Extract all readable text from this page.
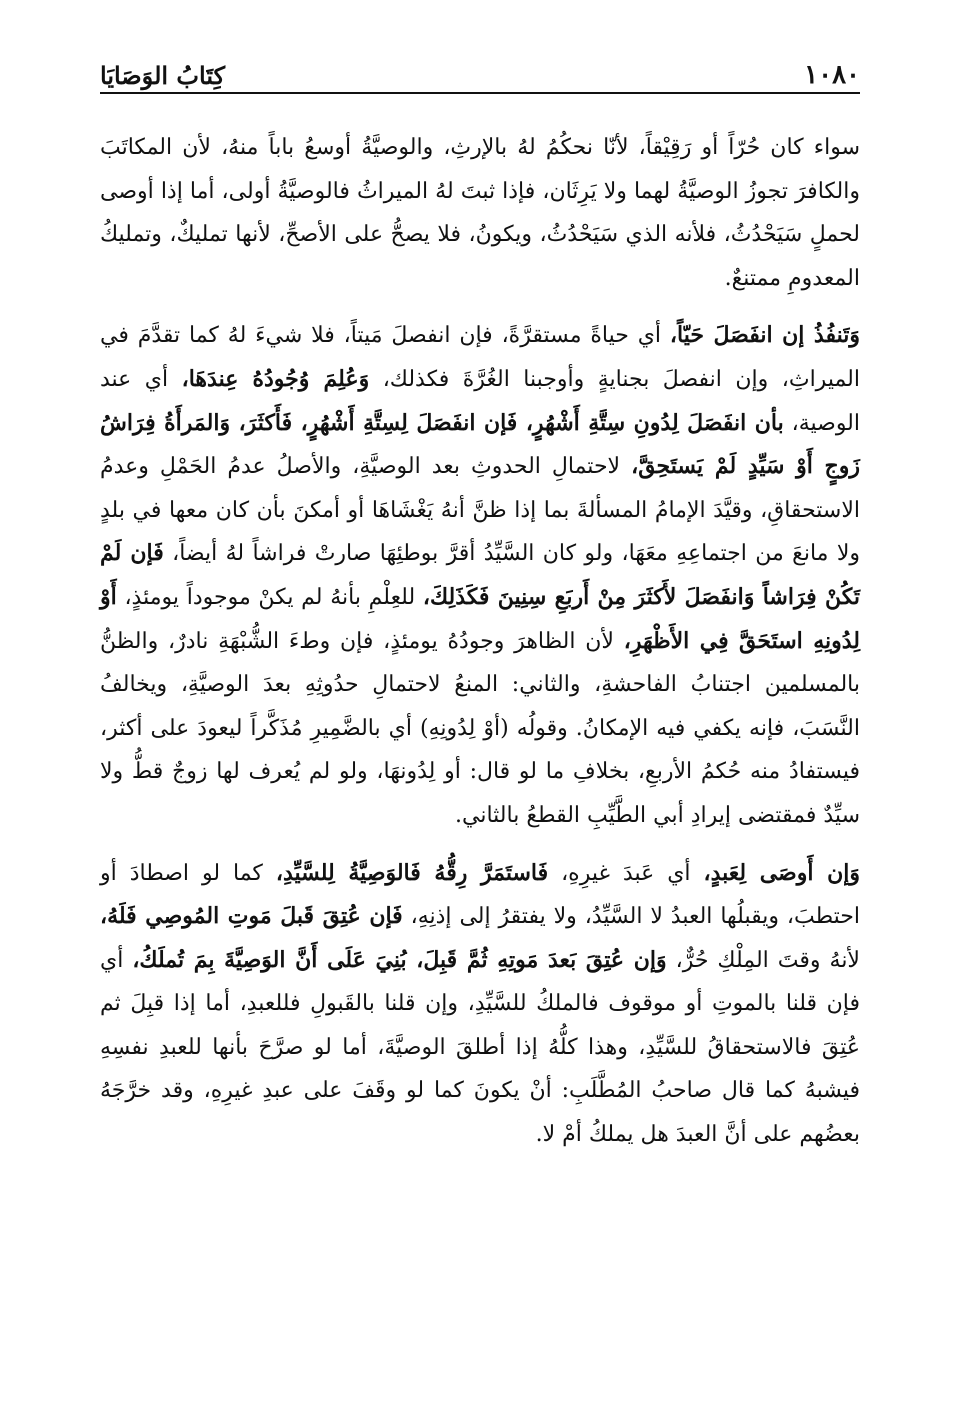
١٠٨٠
كِتَابُ الوَصَايَا

سواء كان حُرّاً أو رَقِيْقاً، لأنّا نحكُمُ لهُ بالإرثِ، والوصيَّةُ أوسعُ باباً منهُ، لأن المكاتَبَ والكافرَ تجوزُ الوصيَّةُ لهما ولا يَرِثَان، فإذا ثبتَ لهُ الميراثُ فالوصيَّةُ أولى، أما إذا أوصى لحملٍ سَيَحْدُثُ، فلأنه الذي سَيَحْدُثُ، ويكونُ، فلا يصحُّ على الأصحِّ، لأنها تمليكٌ، وتمليكُ المعدومِ ممتنعٌ.

وَتَنفُذُ إن انفَصَلَ حَيّاً، أي حياةً مستقرَّةً، فإن انفصلَ مَيتاً، فلا شيءَ لهُ كما تقدَّمَ في الميراثِ، وإن انفصلَ بجنايةٍ وأوجبنا الغُرَّةَ فكذلك، وَعُلِمَ وُجُودُهُ عِندَهَا، أي عند الوصية، بأن انفَصَلَ لِدُونِ سِتَّةِ أَشْهُرٍ، فَإن انفَصَلَ لِسِتَّةِ أَشْهُرٍ، فَأَكثَرَ، وَالمَرأَةُ فِرَاشُ زَوجٍ أَوْ سَيِّدٍ لَمْ يَستَحِقَّ، لاحتمالِ الحدوثِ بعد الوصيَّةِ، والأصلُ عدمُ الحَمْلِ وعدمُ الاستحقاقِ، وقيَّدَ الإمامُ المسألةَ بما إذا ظنَّ أنهُ يَغْشَاهَا أو أمكنَ بأن كان معها في بلدٍ ولا مانعَ من اجتماعِهِ معَهَا، ولو كان السَّيِّدُ أقرَّ بوطئِهَا صارتْ فراشاً لهُ أيضاً، فَإن لَمْ تَكُنْ فِرَاشاً وَانفَصَلَ لأَكثَرَ مِنْ أَربَعِ سِنِينَ فَكَذَلِكَ، للعِلْمِ بأنهُ لم يكنْ موجوداً يومئذٍ، أَوْ لِدُونِهِ استَحَقَّ فِي الأَظْهَرِ، لأن الظاهرَ وجودُهُ يومئذٍ، فإن وطءَ الشُّبْهَةِ نادرٌ، والظنُّ بالمسلمين اجتنابُ الفاحشةِ، والثاني: المنعُ لاحتمالِ حدُوثِهِ بعدَ الوصيَّةِ، ويخالفُ النَّسَبَ، فإنه يكفي فيه الإمكانُ. وقولُه (أوْ لِدُونِهِ) أي بالضَّمِيرِ مُذَكَّراً ليعودَ على أكثر، فيستفادُ منه حُكمُ الأربعِ، بخلافِ ما لو قال: أو لِدُونهَا، ولو لم يُعرف لها زوجٌ قطُّ ولا سيِّدٌ فمقتضى إيرادِ أبي الطَّيِّبِ القطعُ بالثاني.

وَإن أَوصَى لِعَبدٍ، أي عَبدَ غيرِهِ، فَاستَمَرَّ رِقُّهُ فَالوَصِيَّةُ لِلسَّيِّدِ، كما لو اصطادَ أو احتطبَ، ويقبلُها العبدُ لا السَّيِّدُ، ولا يفتقرُ إلى إذنِهِ، فَإن عُتِقَ قَبلَ مَوتِ المُوصِي فَلَهُ، لأنهُ وقتَ المِلْكِ حُرٌّ، وَإن عُتِقَ بَعدَ مَوتِهِ ثُمَّ قَبِلَ، بُنِيَ عَلَى أَنَّ الوَصِيَّةَ بِمَ تُملَكُ، أي فإن قلنا بالموتِ أو موقوف فالملكُ للسَّيِّدِ، وإن قلنا بالقَبولِ فللعبدِ، أما إذا قبِلَ ثم عُتِقَ فالاستحقاقُ للسَّيِّدِ، وهذا كلُّهُ إذا أطلقَ الوصيَّةَ، أما لو صرَّحَ بأنها للعبدِ نفسِهِ فيشبهُ كما قال صاحبُ المُطَّلَبِ: أنْ يكونَ كما لو وقَفَ على عبدِ غيرِهِ، وقد خرَّجَهُ بعضُهم على أنَّ العبدَ هل يملكُ أمْ لا.
